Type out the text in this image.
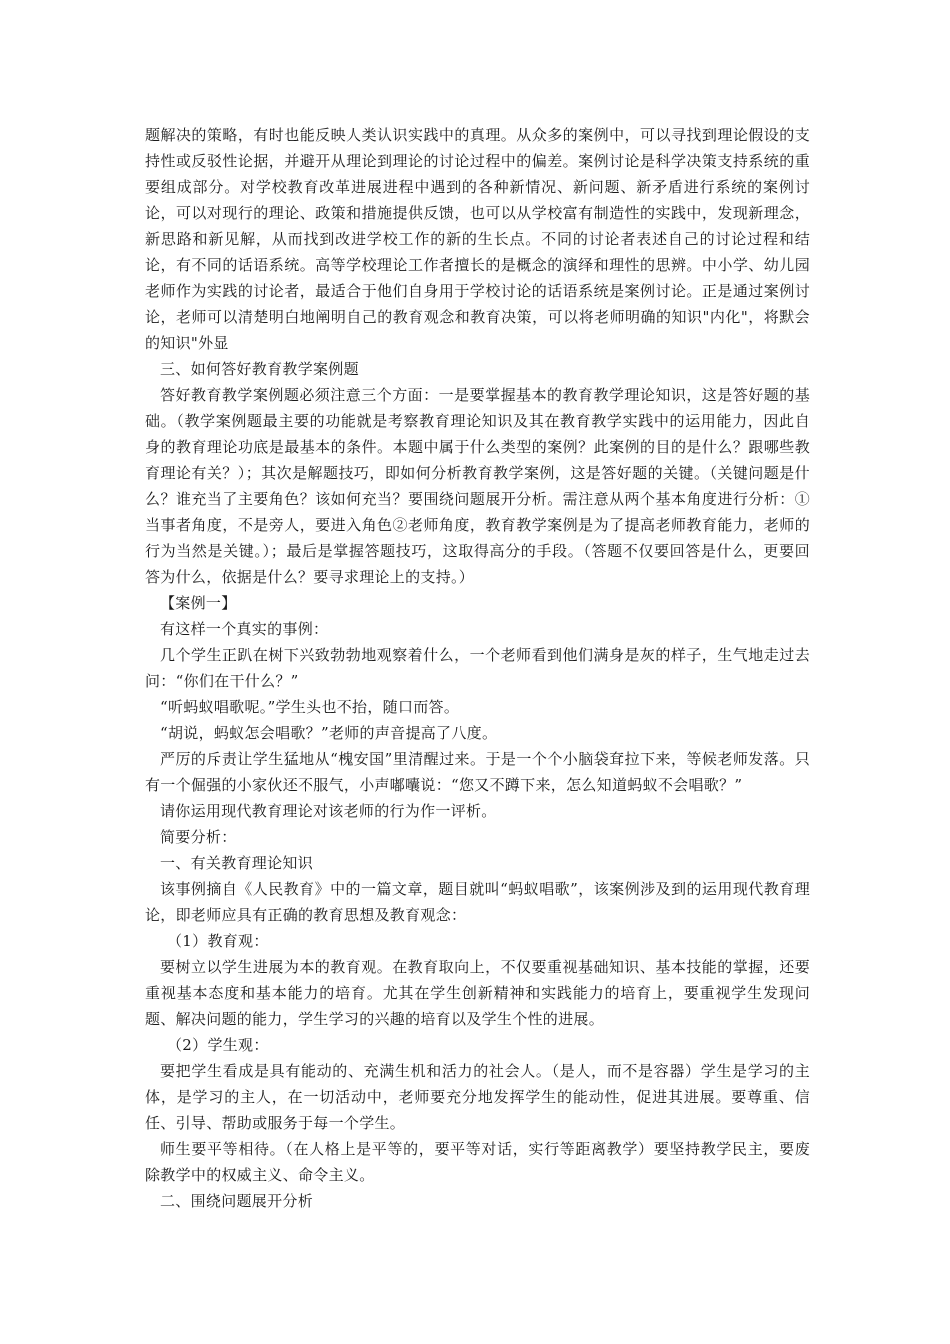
题解决的策略，有时也能反映人类认识实践中的真理。从众多的案例中，可以寻找到理论假设的支持性或反驳性论据，并避开从理论到理论的讨论过程中的偏差。案例讨论是科学决策支持系统的重要组成部分。对学校教育改革进展进程中遇到的各种新情况、新问题、新矛盾进行系统的案例讨论，可以对现行的理论、政策和措施提供反馈，也可以从学校富有制造性的实践中，发现新理念，新思路和新见解，从而找到改进学校工作的新的生长点。不同的讨论者表述自己的讨论过程和结论，有不同的话语系统。高等学校理论工作者擅长的是概念的演绎和理性的思辨。中小学、幼儿园老师作为实践的讨论者，最适合于他们自身用于学校讨论的话语系统是案例讨论。正是通过案例讨论，老师可以清楚明白地阐明自己的教育观念和教育决策，可以将老师明确的知识"内化"，将默会的知识"外显

三、如何答好教育教学案例题

答好教育教学案例题必须注意三个方面：一是要掌握基本的教育教学理论知识，这是答好题的基础。（教学案例题最主要的功能就是考察教育理论知识及其在教育教学实践中的运用能力，因此自身的教育理论功底是最基本的条件。本题中属于什么类型的案例？此案例的目的是什么？跟哪些教育理论有关？）；其次是解题技巧，即如何分析教育教学案例，这是答好题的关键。（关键问题是什么？谁充当了主要角色？该如何充当？要围绕问题展开分析。需注意从两个基本角度进行分析：①当事者角度，不是旁人，要进入角色②老师角度，教育教学案例是为了提高老师教育能力，老师的行为当然是关键。）；最后是掌握答题技巧，这取得高分的手段。（答题不仅要回答是什么，更要回答为什么，依据是什么？要寻求理论上的支持。）

【案例一】

有这样一个真实的事例：

几个学生正趴在树下兴致勃勃地观察着什么，一个老师看到他们满身是灰的样子，生气地走过去问：“你们在干什么？”

“听蚂蚁唱歌呢。”学生头也不抬，随口而答。

“胡说，蚂蚁怎会唱歌？”老师的声音提高了八度。

严厉的斥责让学生猛地从“槐安国”里清醒过来。于是一个个小脑袋耷拉下来，等候老师发落。只有一个倔强的小家伙还不服气，小声嘟囔说：“您又不蹲下来，怎么知道蚂蚁不会唱歌？”

请你运用现代教育理论对该老师的行为作一评析。

简要分析：

一、有关教育理论知识

该事例摘自《人民教育》中的一篇文章，题目就叫“蚂蚁唱歌”，该案例涉及到的运用现代教育理论，即老师应具有正确的教育思想及教育观念：

（1）教育观：

要树立以学生进展为本的教育观。在教育取向上，不仅要重视基础知识、基本技能的掌握，还要重视基本态度和基本能力的培育。尤其在学生创新精神和实践能力的培育上，要重视学生发现问题、解决问题的能力，学生学习的兴趣的培育以及学生个性的进展。

（2）学生观：

要把学生看成是具有能动的、充满生机和活力的社会人。（是人，而不是容器）学生是学习的主体，是学习的主人，在一切活动中，老师要充分地发挥学生的能动性，促进其进展。要尊重、信任、引导、帮助或服务于每一个学生。

师生要平等相待。（在人格上是平等的，要平等对话，实行等距离教学）要坚持教学民主，要废除教学中的权威主义、命令主义。

二、围绕问题展开分析
